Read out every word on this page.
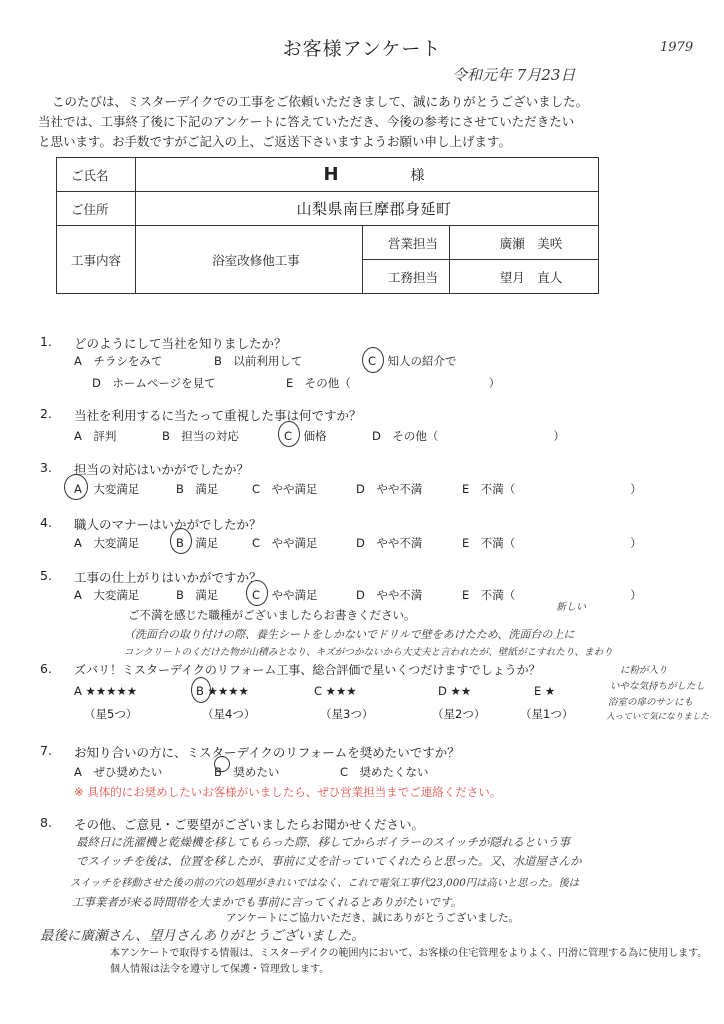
お客様アンケート	1979
令和元年 7月23日
このたびは、ミスターデイクでの工事をご依頼いただきまして、誠にありがとうございました。
当社では、工事終了後に下記のアンケートに答えていただき、今後の参考にさせていただきたい
と思います。お手数ですがご記入の上、ご返送下さいますようお願い申し上げます。
ご氏名	H 様		
ご住所	山梨県南巨摩郡身延町		
工事内容	浴室改修他工事	営業担当	廣瀬　美咲
		工務担当	望月　直人
1. どのようにして当社を知りましたか？
A　チラシをみて	B　以前利用して	C　知人の紹介で
D　ホームページを見て	E　その他（　　　　　　　　　　　　）
2. 当社を利用するに当たって重視した事は何ですか？
A　評判	B　担当の対応	C　価格	D　その他（　　　　　　　　　　）
3. 担当の対応はいかがでしたか？
A　大変満足	B　満足	C　やや満足	D　やや不満	E　不満（　　　　　　　　　　）
4. 職人のマナーはいかがでしたか？
A　大変満足	B　満足	C　やや満足	D　やや不満	E　不満（　　　　　　　　　　）
5. 工事の仕上がりはいかがですか？
A　大変満足	B　満足	C　やや満足	D　やや不満	E　不満（　　　　　　　　　　）
ご不満を感じた職種がございましたらお書きください。
新しい
（洗面台の取り付けの際、養生シートをしかないでドリルで壁をあけたため、洗面台の上に
コンクリートのくだけた物が山積みとなり、キズがつかないから大丈夫と言われたが、壁紙がこすれたり、まわり
6. ズバリ！ミスターデイクのリフォーム工事、総合評価で星いくつだけますでしょうか？
A ★★★★★	B ★★★★	C ★★★	D ★★	E ★
（星5つ）	（星4つ）	（星3つ）	（星2つ）	（星1つ）
に粉が入り
いやな気持ちがしたし
浴室の扉のサンにも
入っていて気になりました
7. お知り合いの方に、ミスターデイクのリフォームを奨めたいですか？
A　ぜひ奨めたい	B　奨めたい	C　奨めたくない
※ 具体的にお奨めしたいお客様がいましたら、ぜひ営業担当までご連絡ください。
8. その他、ご意見・ご要望がございましたらお聞かせください。
最終日に洗濯機と乾燥機を移してもらった際、移してからボイラーのスイッチが隠れるという事
でスイッチを後は、位置を移したが、事前に丈を計っていてくれたらと思った。又、水道屋さんか
スイッチを移動させた後の前の穴の処理がきれいではなく、これで電気工事代23,000円は高いと思った。後は
工事業者が来る時間帯を大まかでも事前に言ってくれるとありがたいです。
アンケートにご協力いただき、誠にありがとうございました。
最後に廣瀬さん、望月さんありがとうございました。
本アンケートで取得する情報は、ミスターデイクの範囲内において、お客様の住宅管理をよりよく、円滑に管理する為に使用します。
個人情報は法令を遵守して保護・管理致します。
